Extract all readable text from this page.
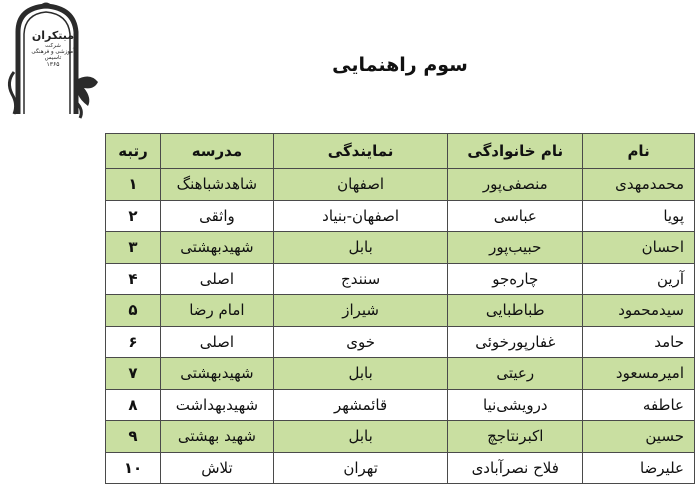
مبتکران
شرکت
آموزشی و فرهنگی
تاسیس
۱۳۶۵	سوم راهنمایی
نام	نام خانوادگی	نمایندگی	مدرسه	رتبه
محمدمهدی	منصفی‌پور	اصفهان	شاهدشباهنگ	۱
پویا	عباسی	اصفهان-بنیاد	واثقی	۲
احسان	حبیب‌پور	بابل	شهیدبهشتی	۳
آرین	چاره‌جو	سنندج	اصلی	۴
سیدمحمود	طباطبایی	شیراز	امام رضا	۵
حامد	غفارپورخوئی	خوی	اصلی	۶
امیرمسعود	رعیتی	بابل	شهیدبهشتی	۷
عاطفه	درویشی‌نیا	قائمشهر	شهیدبهداشت	۸
حسین	اکبرنتاجچ	بابل	شهید بهشتی	۹
علیرضا	فلاح نصرآبادی	تهران	تلاش	۱۰
